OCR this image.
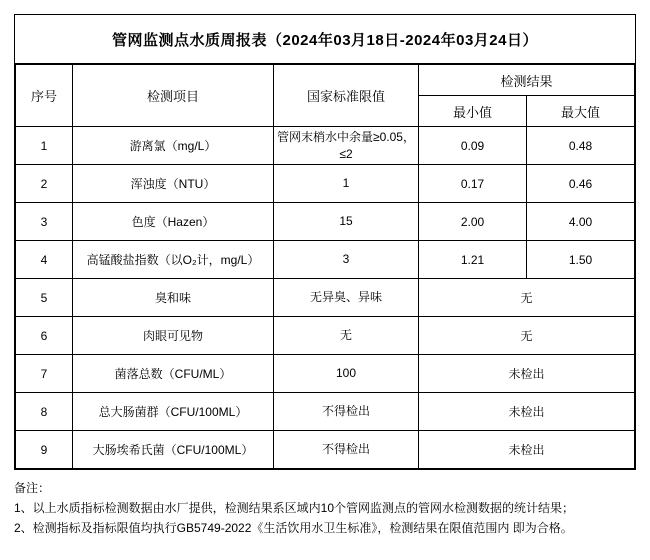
管网监测点水质周报表（2024年03月18日-2024年03月24日）
序号	检测项目	国家标准限值	检测结果	
			最小值	最大值
1	游离氯（mg/L）	管网末梢水中余量≥0.05，≤2	0.09	0.48
2	浑浊度（NTU）	1	0.17	0.46
3	色度（Hazen）	15	2.00	4.00
4	高锰酸盐指数（以O₂计，mg/L）	3	1.21	1.50
5	臭和味	无异臭、异味	无	
6	肉眼可见物	无	无	
7	菌落总数（CFU/ML）	100	未检出	
8	总大肠菌群（CFU/100ML）	不得检出	未检出	
9	大肠埃希氏菌（CFU/100ML）	不得检出	未检出	
备注：
1、以上水质指标检测数据由水厂提供，检测结果系区域内10个管网监测点的管网水检测数据的统计结果；
2、检测指标及指标限值均执行GB5749-2022《生活饮用水卫生标准》，检测结果在限值范围内 即为合格。
